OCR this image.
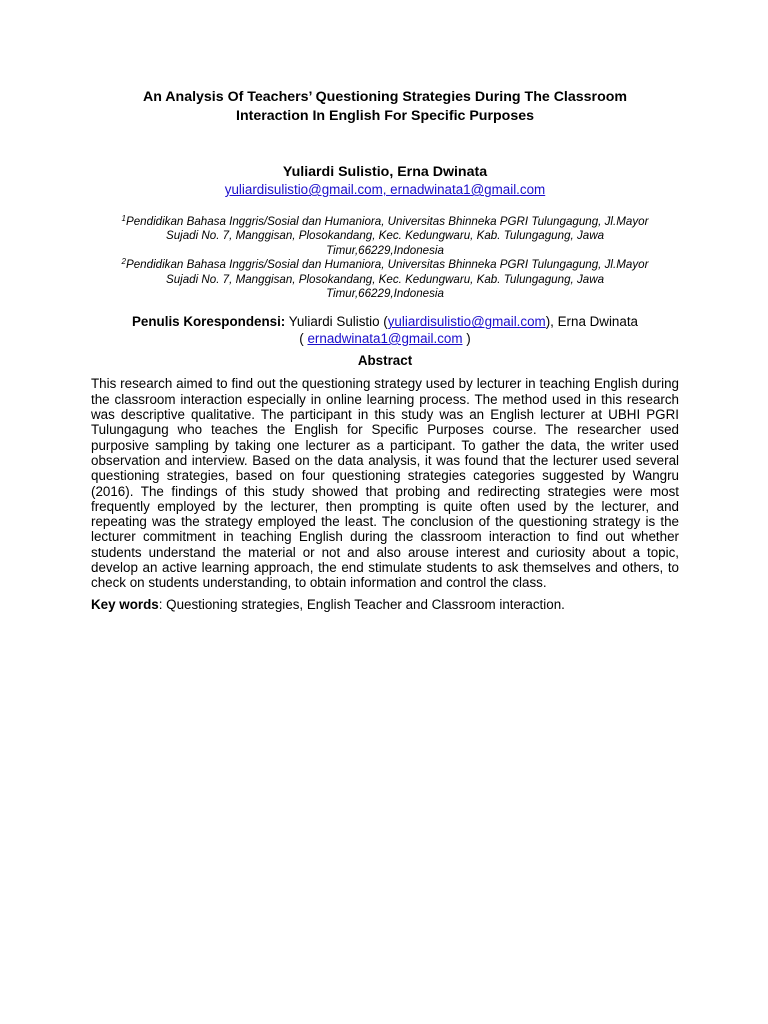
An Analysis Of Teachers’ Questioning Strategies During The Classroom
Interaction In English For Specific Purposes
Yuliardi Sulistio, Erna Dwinata
yuliardisulistio@gmail.com, ernadwinata1@gmail.com
$^1$Pendidikan Bahasa Inggris/Sosial dan Humaniora, Universitas Bhinneka PGRI Tulungagung, Jl.Mayor
Sujadi No. 7, Manggisan, Plosokandang, Kec. Kedungwaru, Kab. Tulungagung, Jawa
Timur,66229,Indonesia
$^2$Pendidikan Bahasa Inggris/Sosial dan Humaniora, Universitas Bhinneka PGRI Tulungagung, Jl.Mayor
Sujadi No. 7, Manggisan, Plosokandang, Kec. Kedungwaru, Kab. Tulungagung, Jawa
Timur,66229,Indonesia
Penulis Korespondensi: Yuliardi Sulistio (yuliardisulistio@gmail.com), Erna Dwinata
( ernadwinata1@gmail.com )
Abstract
This research aimed to find out the questioning strategy used by lecturer in teaching English during the classroom interaction especially in online learning process. The method used in this research was descriptive qualitative. The participant in this study was an English lecturer at UBHI PGRI Tulungagung who teaches the English for Specific Purposes course. The researcher used purposive sampling by taking one lecturer as a participant. To gather the data, the writer used observation and interview. Based on the data analysis, it was found that the lecturer used several questioning strategies, based on four questioning strategies categories suggested by Wangru (2016). The findings of this study showed that probing and redirecting strategies were most frequently employed by the lecturer, then prompting is quite often used by the lecturer, and repeating was the strategy employed the least. The conclusion of the questioning strategy is the lecturer commitment in teaching English during the classroom interaction to find out whether students understand the material or not and also arouse interest and curiosity about a topic, develop an active learning approach, the end stimulate students to ask themselves and others, to check on students understanding, to obtain information and control the class.
Key words: Questioning strategies, English Teacher and Classroom interaction.
